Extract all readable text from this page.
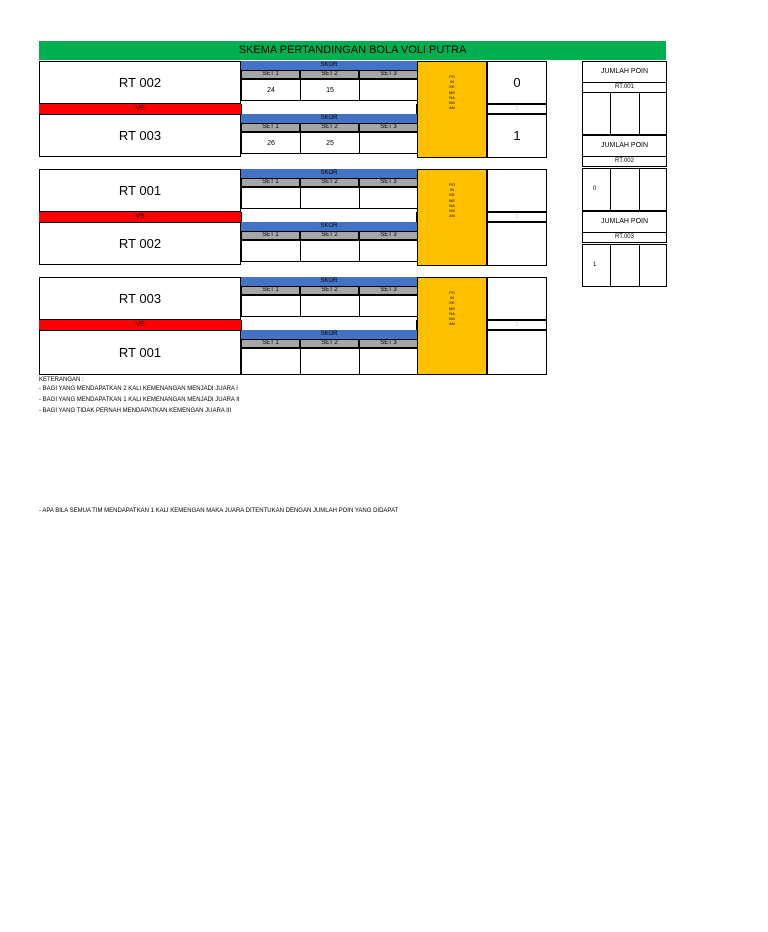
SKEMA PERTANDINGAN BOLA VOLI PUTRA
RT 002
SKOR
SET 1	SET 2	SET 3
24	15
0
VS	:
RT 003
SKOR
SET 1	SET 2	SET 3
26	25
1
POIN KEMENANGAN
RT 001
SKOR
SET 1	SET 2	SET 3
VS	:
RT 002
SKOR
SET 1	SET 2	SET 3
POIN KEMENANGAN
RT 003
SKOR
SET 1	SET 2	SET 3
VS	:
RT 001
SKOR
SET 1	SET 2	SET 3
POIN KEMENANGAN
JUMLAH POIN
RT.001
JUMLAH POIN
RT.002
0
JUMLAH POIN
RT.003
1
KETERANGAN :
- BAGI YANG MENDAPATKAN 2 KALI KEMENANGAN MENJADI JUARA I
- BAGI YANG MENDAPATKAN 1 KALI KEMENANGAN MENJADI JUARA II
- BAGI YANG TIDAK PERNAH MENDAPATKAN KEMENGAN JUARA III
- APA BILA SEMUA TIM MENDAPATKAN 1 KALI KEMENGAN MAKA JUARA DITENTUKAN DENGAN JUMLAH POIN YANG DIDAPAT
